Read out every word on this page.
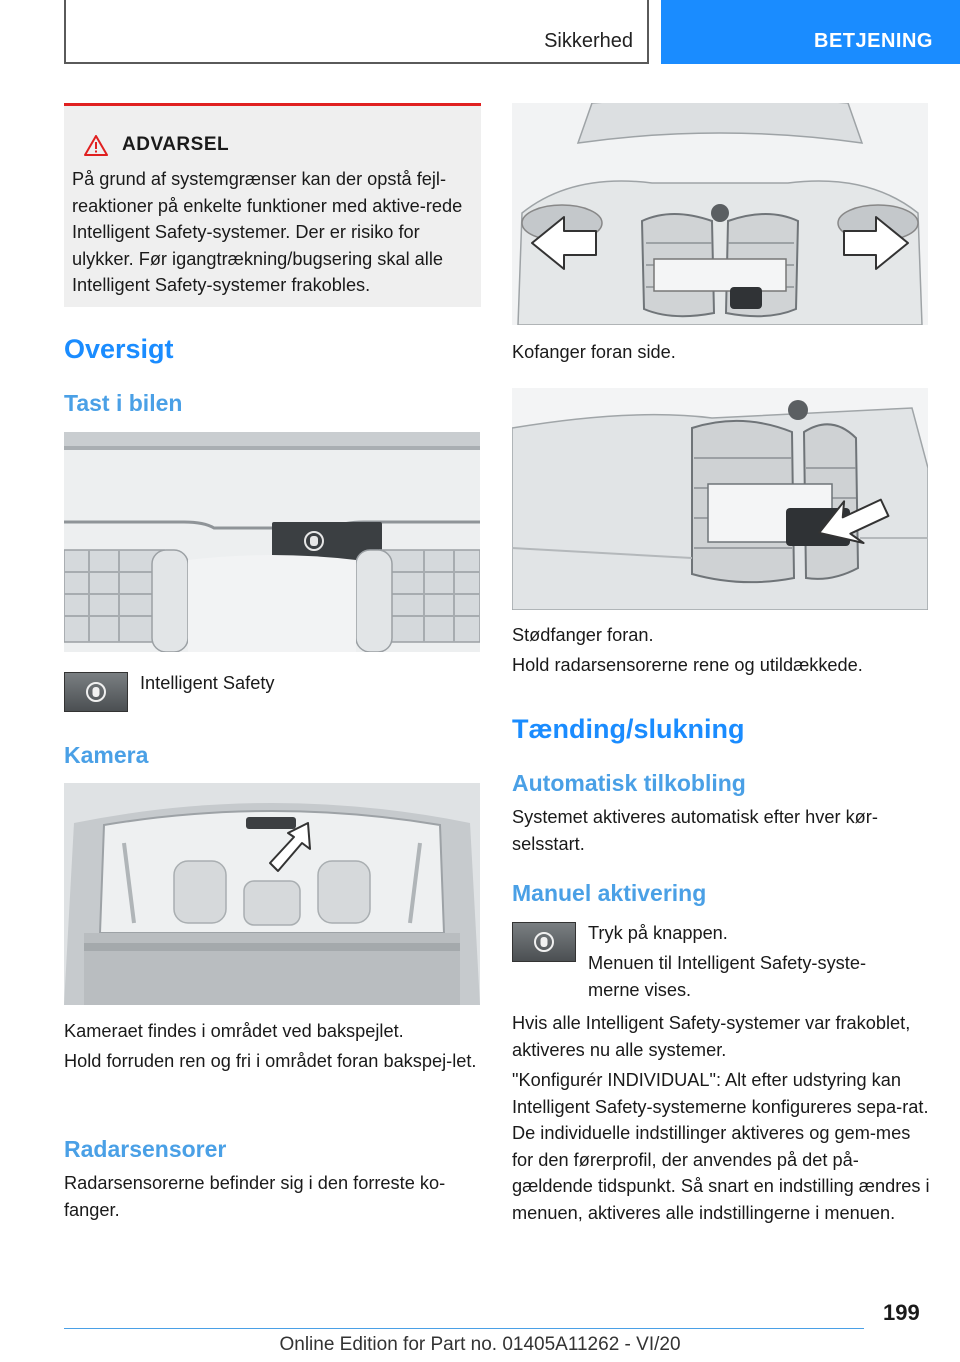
Sikkerhed	BETJENING
ADVARSEL
På grund af systemgrænser kan der opstå fejl-reaktioner på enkelte funktioner med aktive-rede Intelligent Safety-systemer. Der er risiko for ulykker. Før igangtrækning/bugsering skal alle Intelligent Safety-systemer frakobles.
Oversigt
Tast i bilen
Intelligent Safety
Kamera
Kameraet findes i området ved bakspejlet.
Hold forruden ren og fri i området foran bakspej-let.
Radarsensorer
Radarsensorerne befinder sig i den forreste ko-fanger.
Kofanger foran side.
Stødfanger foran.
Hold radarsensorerne rene og utildækkede.
Tænding/slukning
Automatisk tilkobling
Systemet aktiveres automatisk efter hver kør-selsstart.
Manuel aktivering
Tryk på knappen.
Menuen til Intelligent Safety-syste-merne vises.
Hvis alle Intelligent Safety-systemer var frakoblet, aktiveres nu alle systemer.
"Konfigurér INDIVIDUAL": Alt efter udstyring kan Intelligent Safety-systemerne konfigureres sepa-rat. De individuelle indstillinger aktiveres og gem-mes for den førerprofil, der anvendes på det på-gældende tidspunkt. Så snart en indstilling ændres i menuen, aktiveres alle indstillingerne i menuen.
199
Online Edition for Part no. 01405A11262 - VI/20
